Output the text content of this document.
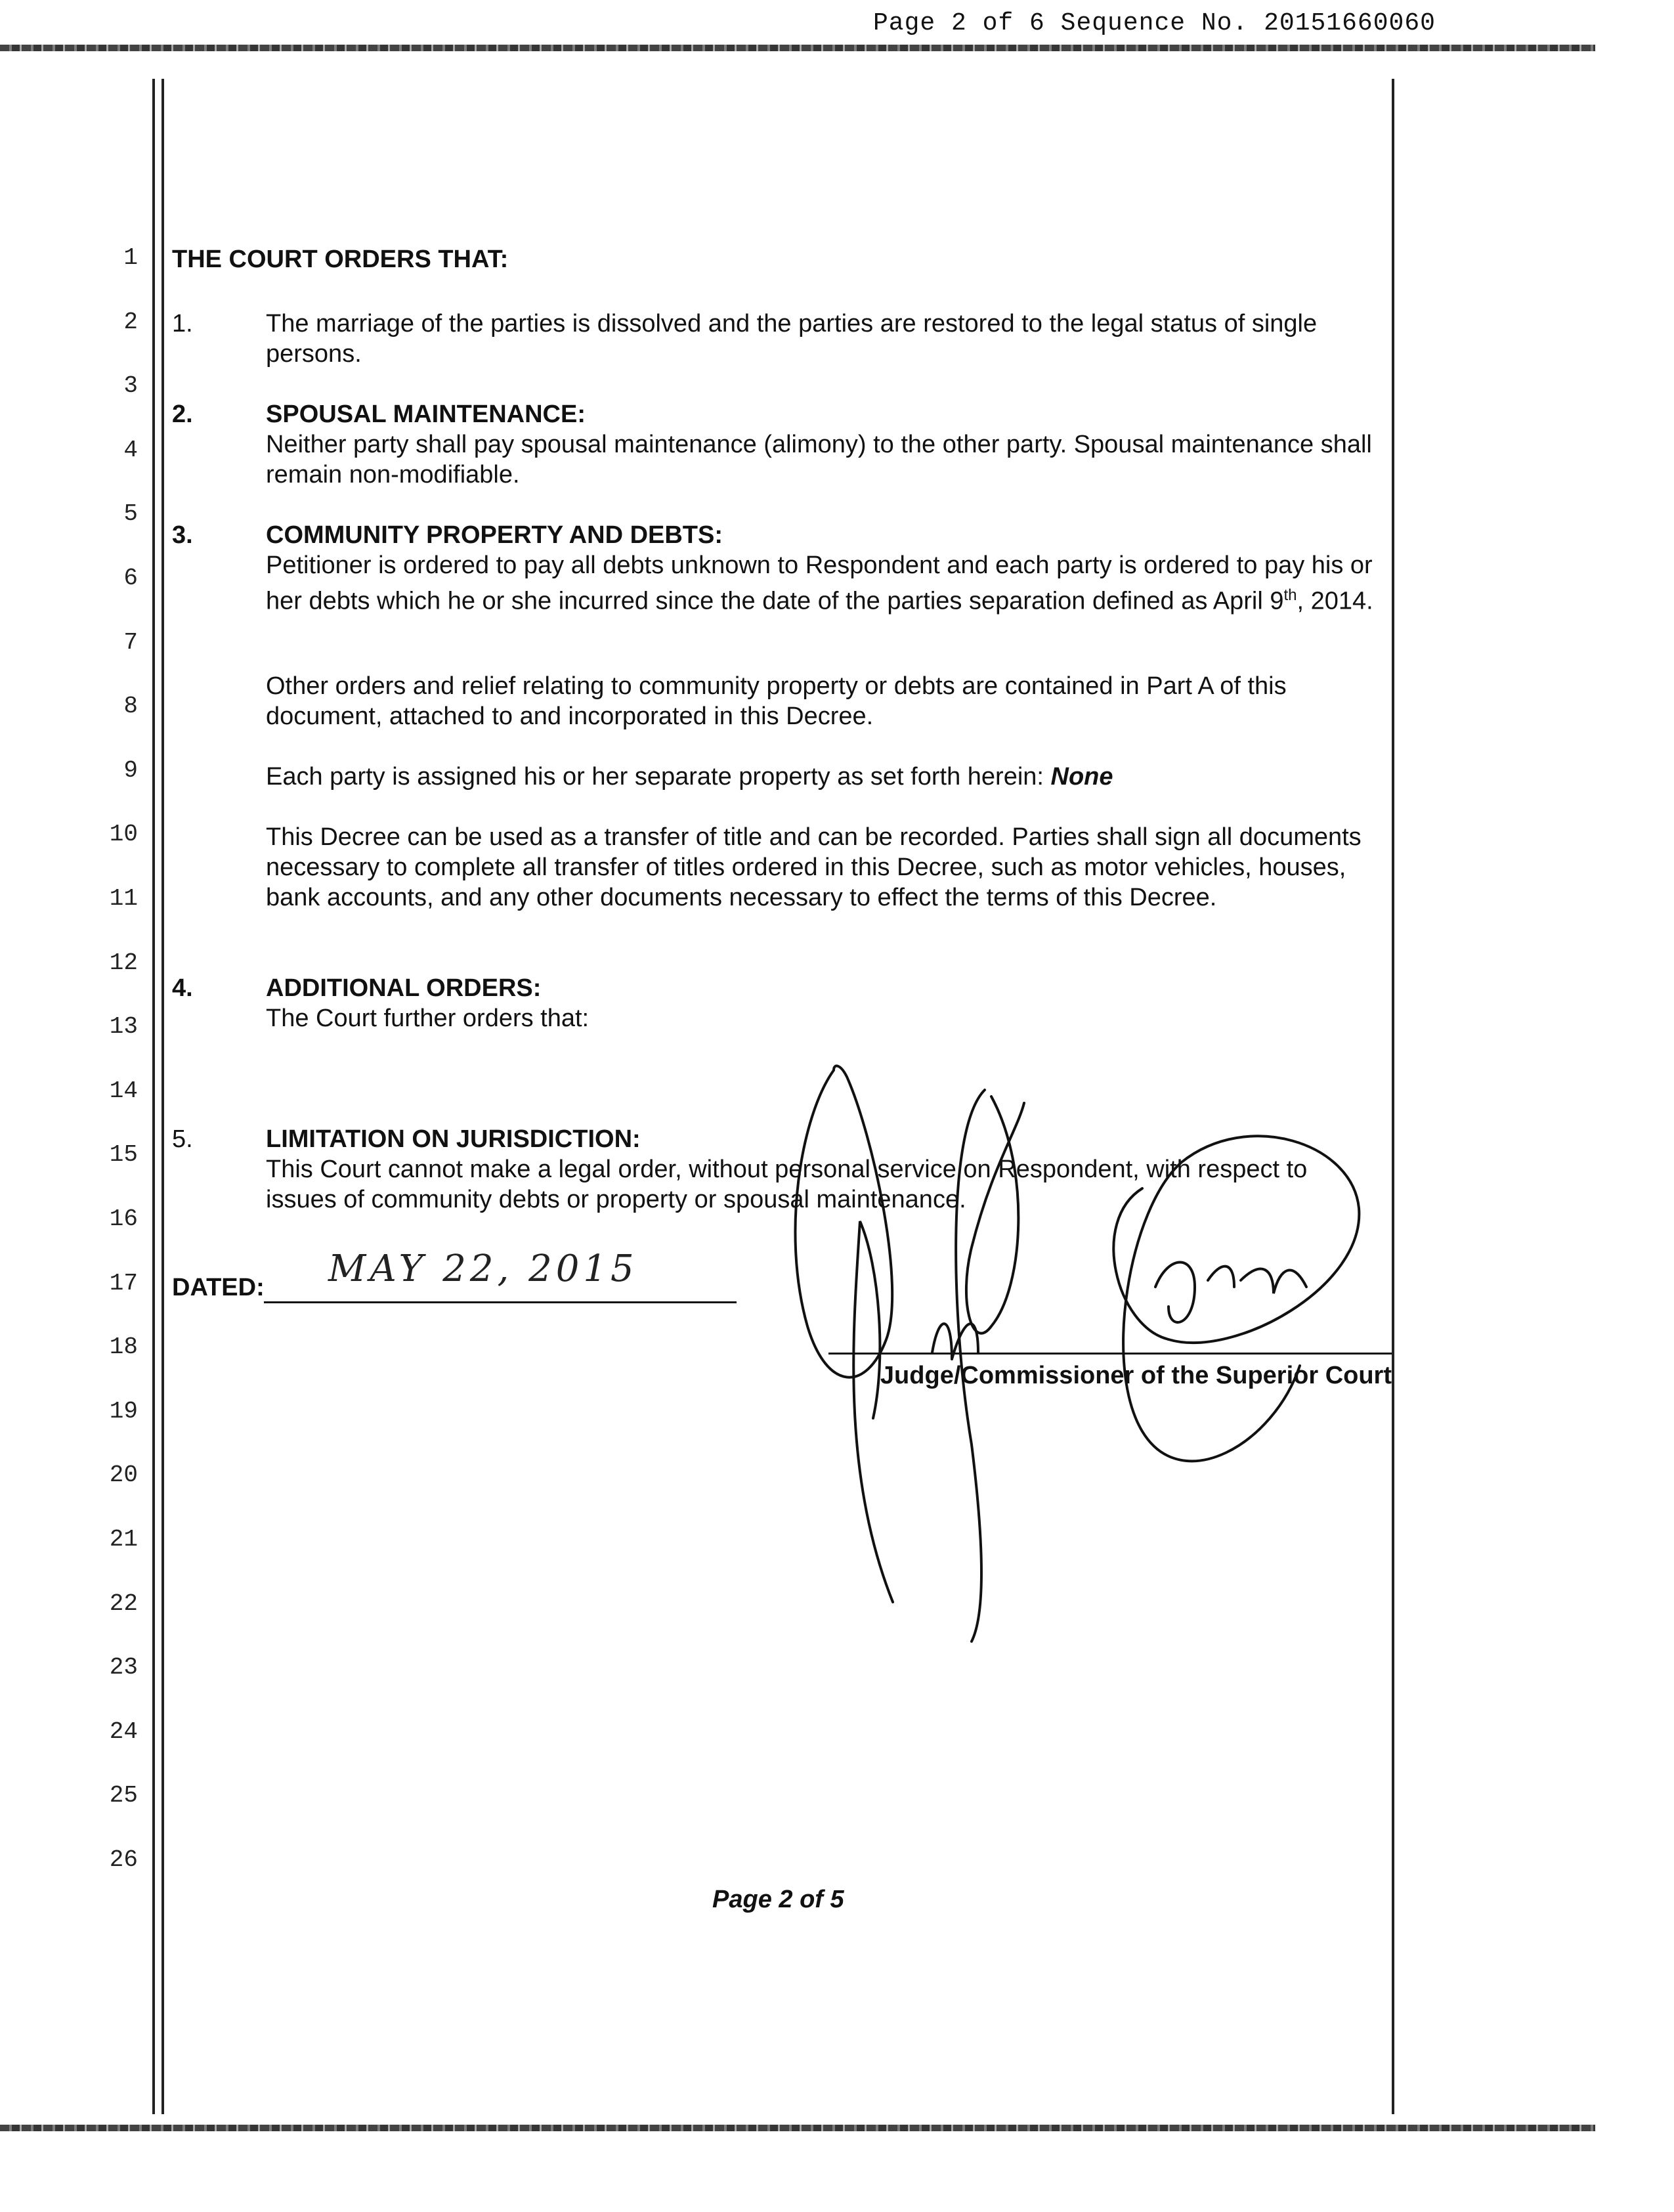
Page 2 of 6 Sequence No. 20151660060
1
2
3
4
5
6
7
8
9
10
11
12
13
14
15
16
17
18
19
20
21
22
23
24
25
26
THE COURT ORDERS THAT:
1.	The marriage of the parties is dissolved and the parties are restored to the legal status of single persons.
2.	SPOUSAL MAINTENANCE:
Neither party shall pay spousal maintenance (alimony) to the other party. Spousal maintenance shall remain non-modifiable.
3.	COMMUNITY PROPERTY AND DEBTS:
Petitioner is ordered to pay all debts unknown to Respondent and each party is ordered to pay his or her debts which he or she incurred since the date of the parties separation defined as April 9th, 2014.
Other orders and relief relating to community property or debts are contained in Part A of this document, attached to and incorporated in this Decree.
Each party is assigned his or her separate property as set forth herein: None
This Decree can be used as a transfer of title and can be recorded. Parties shall sign all documents necessary to complete all transfer of titles ordered in this Decree, such as motor vehicles, houses, bank accounts, and any other documents necessary to effect the terms of this Decree.
4.	ADDITIONAL ORDERS:
The Court further orders that:
5.	LIMITATION ON JURISDICTION:
This Court cannot make a legal order, without personal service on Respondent, with respect to issues of community debts or property or spousal maintenance.
DATED: MAY 22, 2015
Judge/Commissioner of the Superior Court
Page 2 of 5
